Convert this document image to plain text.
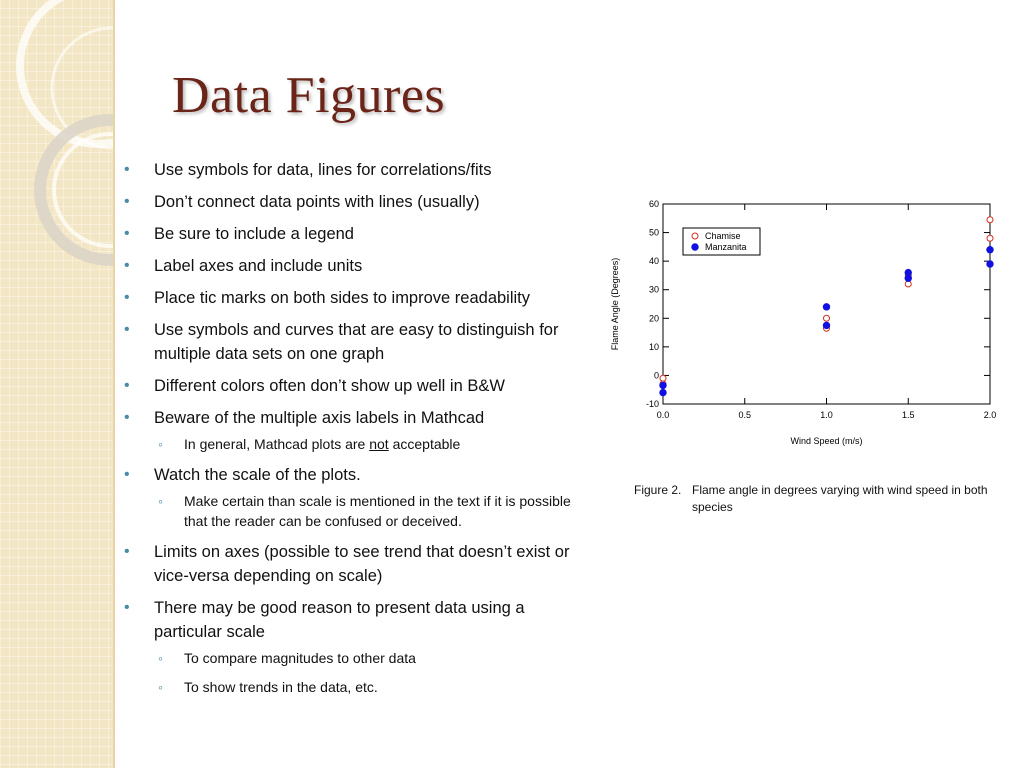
Data Figures
• Use symbols for data, lines for correlations/fits
• Don’t connect data points with lines (usually)
• Be sure to include a legend
• Label axes and include units
• Place tic marks on both sides to improve readability
• Use symbols and curves that are easy to distinguish for multiple data sets on one graph
• Different colors often don’t show up well in B&W
• Beware of the multiple axis labels in Mathcad
◦ In general, Mathcad plots are not acceptable
• Watch the scale of the plots.
◦ Make certain than scale is mentioned in the text if it is possible that the reader can be confused or deceived.
• Limits on axes (possible to see trend that doesn’t exist or vice-versa depending on scale)
• There may be good reason to present data using a particular scale
◦ To compare magnitudes to other data
◦ To show trends in the data, etc.
0.0	0.5	1.0	1.5	2.0
-10
0
10
20
30
40
50
60
Wind Speed (m/s)
Flame Angle (Degrees)
Chamise
Manzanita
Figure 2. Flame angle in degrees varying with wind speed in both species
